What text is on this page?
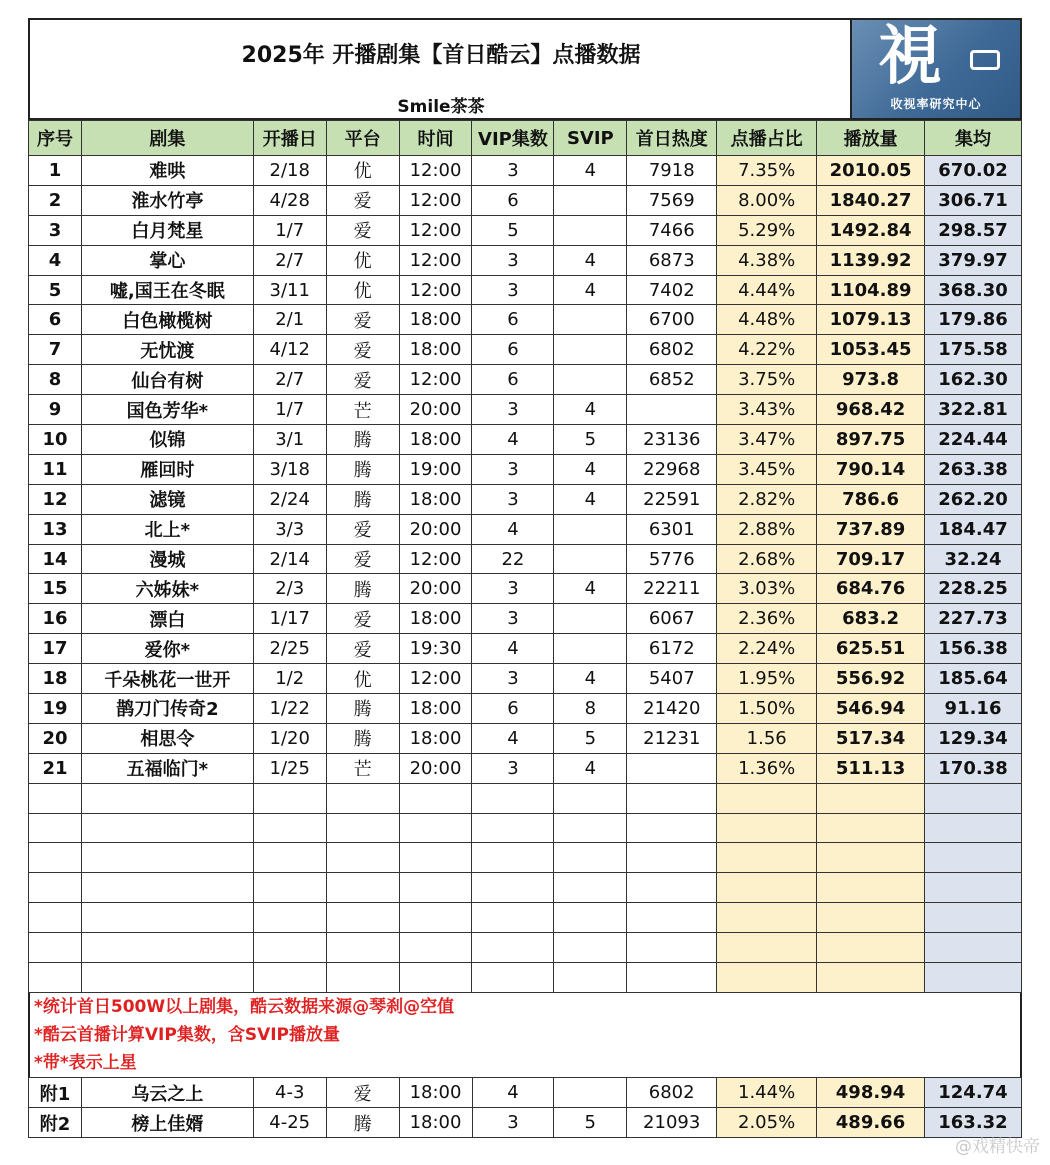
2025年 开播剧集【首日酷云】点播数据
Smile茶茶
視
收视率研究中心
序号	剧集	开播日	平台	时间	VIP集数	SVIP	首日热度	点播占比	播放量	集均
1	难哄	2/18	优	12:00	3	4	7918	7.35%	2010.05	670.02
2	淮水竹亭	4/28	爱	12:00	6		7569	8.00%	1840.27	306.71
3	白月梵星	1/7	爱	12:00	5		7466	5.29%	1492.84	298.57
4	掌心	2/7	优	12:00	3	4	6873	4.38%	1139.92	379.97
5	嘘,国王在冬眠	3/11	优	12:00	3	4	7402	4.44%	1104.89	368.30
6	白色橄榄树	2/1	爱	18:00	6		6700	4.48%	1079.13	179.86
7	无忧渡	4/12	爱	18:00	6		6802	4.22%	1053.45	175.58
8	仙台有树	2/7	爱	12:00	6		6852	3.75%	973.8	162.30
9	国色芳华*	1/7	芒	20:00	3	4		3.43%	968.42	322.81
10	似锦	3/1	腾	18:00	4	5	23136	3.47%	897.75	224.44
11	雁回时	3/18	腾	19:00	3	4	22968	3.45%	790.14	263.38
12	滤镜	2/24	腾	18:00	3	4	22591	2.82%	786.6	262.20
13	北上*	3/3	爱	20:00	4		6301	2.88%	737.89	184.47
14	漫城	2/14	爱	12:00	22		5776	2.68%	709.17	32.24
15	六姊妹*	2/3	腾	20:00	3	4	22211	3.03%	684.76	228.25
16	漂白	1/17	爱	18:00	3		6067	2.36%	683.2	227.73
17	爱你*	2/25	爱	19:30	4		6172	2.24%	625.51	156.38
18	千朵桃花一世开	1/2	优	12:00	3	4	5407	1.95%	556.92	185.64
19	鹊刀门传奇2	1/22	腾	18:00	6	8	21420	1.50%	546.94	91.16
20	相思令	1/20	腾	18:00	4	5	21231	1.56	517.34	129.34
21	五福临门*	1/25	芒	20:00	3	4		1.36%	511.13	170.38

*统计首日500W以上剧集，酷云数据来源@琴刹@空值
*酷云首播计算VIP集数，含SVIP播放量
*带*表示上星
附1	乌云之上	4-3	爱	18:00	4		6802	1.44%	498.94	124.74
附2	榜上佳婿	4-25	腾	18:00	3	5	21093	2.05%	489.66	163.32
@戏精快帝
